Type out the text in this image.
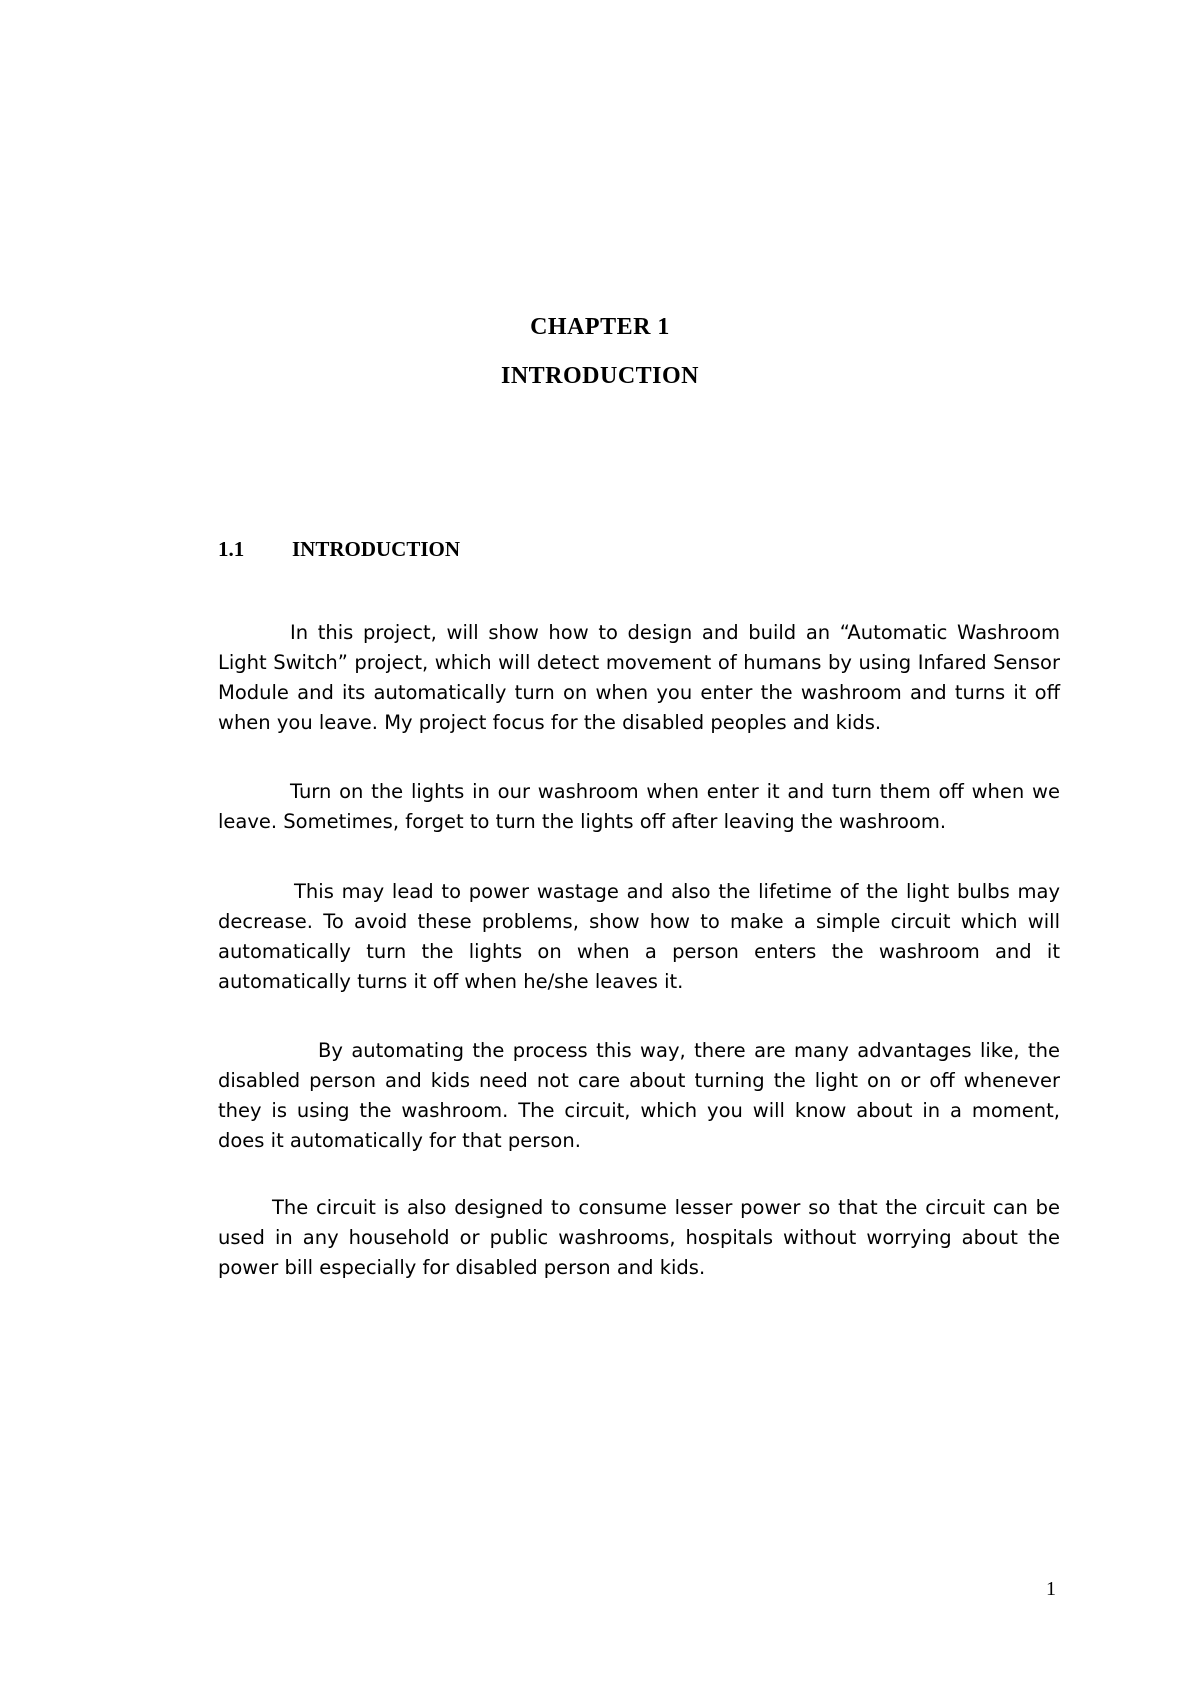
CHAPTER 1
INTRODUCTION
1.1	INTRODUCTION

In this project, will show how to design and build an “Automatic Washroom Light Switch” project, which will detect movement of humans by using Infared Sensor Module and its automatically turn on when you enter the washroom and turns it off when you leave. My project focus for the disabled peoples and kids.

Turn on the lights in our washroom when enter it and turn them off when we leave. Sometimes, forget to turn the lights off after leaving the washroom.

This may lead to power wastage and also the lifetime of the light bulbs may decrease. To avoid these problems, show how to make a simple circuit which will automatically turn the lights on when a person enters the washroom and it automatically turns it off when he/she leaves it.

By automating the process this way, there are many advantages like, the disabled person and kids need not care about turning the light on or off whenever they is using the washroom. The circuit, which you will know about in a moment, does it automatically for that person.

The circuit is also designed to consume lesser power so that the circuit can be used in any household or public washrooms, hospitals without worrying about the power bill especially for disabled person and kids.

1
